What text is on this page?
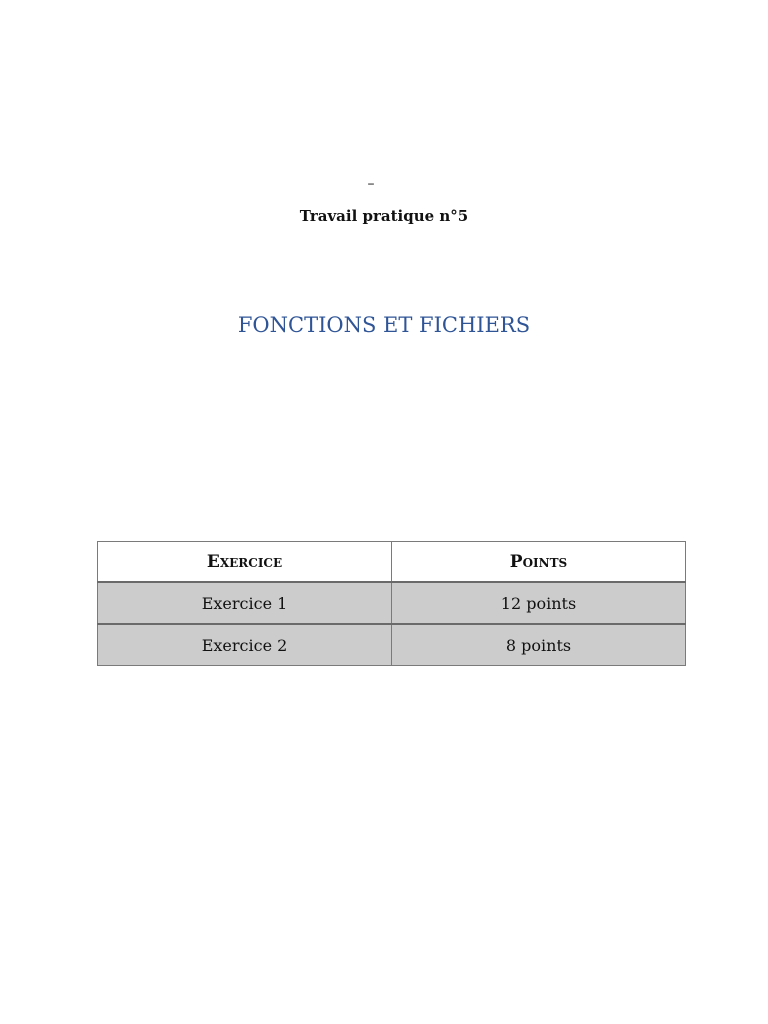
–
Travail pratique n°5
FONCTIONS ET FICHIERS
Exercice	Points
Exercice 1	12 points
Exercice 2	8 points
